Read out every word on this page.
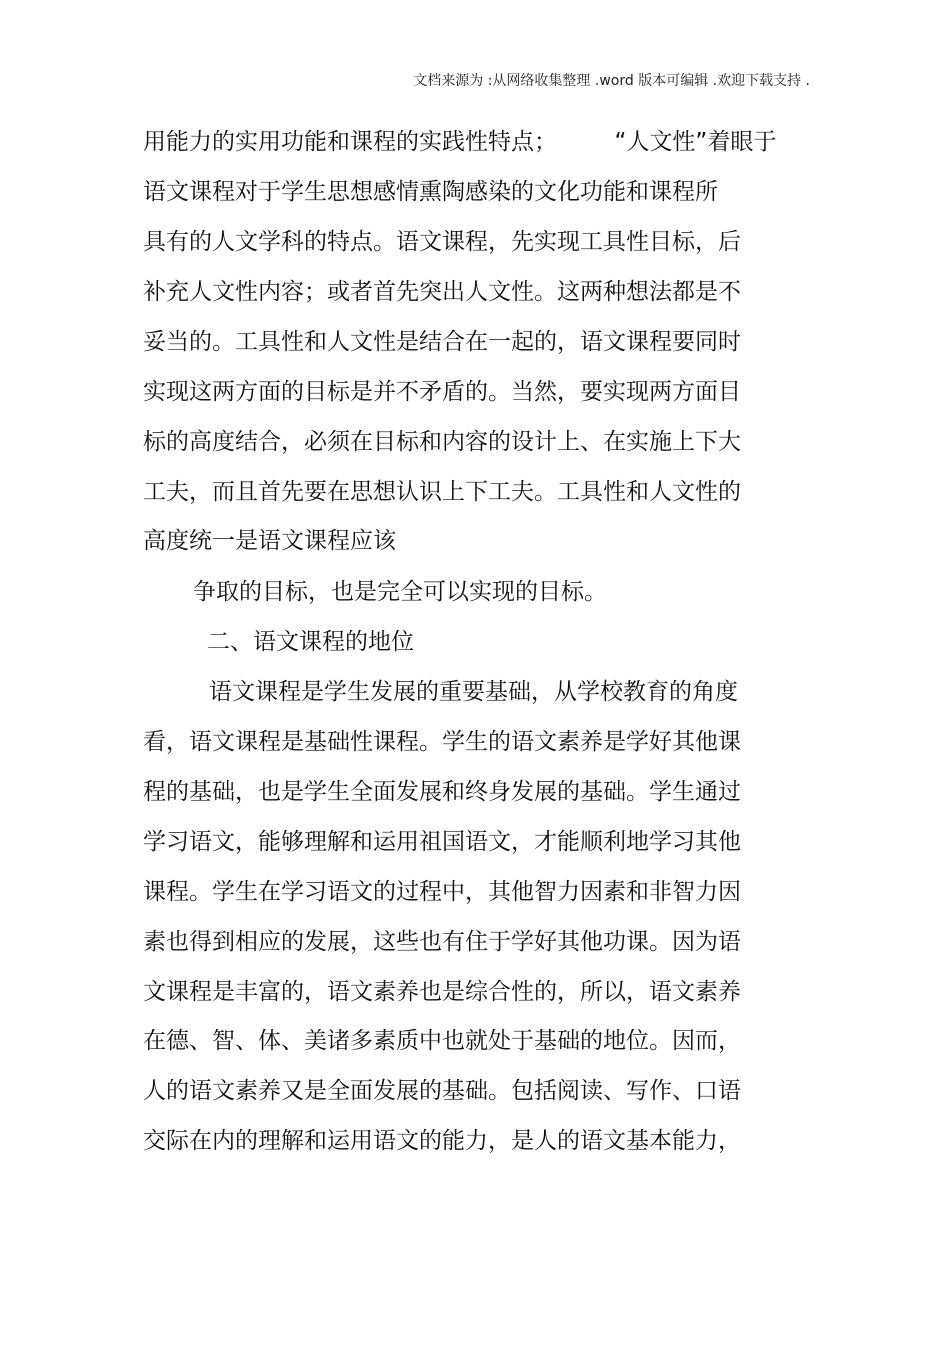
文档来源为 :从网络收集整理 .word 版本可编辑 .欢迎下载支持 .
用能力的实用功能和课程的实践性特点；　　　“人文性”着眼于
语文课程对于学生思想感情熏陶感染的文化功能和课程所
具有的人文学科的特点。语文课程，先实现工具性目标，后
补充人文性内容；或者首先突出人文性。这两种想法都是不
妥当的。工具性和人文性是结合在一起的，语文课程要同时
实现这两方面的目标是并不矛盾的。当然，要实现两方面目
标的高度结合，必须在目标和内容的设计上、在实施上下大
工夫，而且首先要在思想认识上下工夫。工具性和人文性的
高度统一是语文课程应该
争取的目标，也是完全可以实现的目标。
二、语文课程的地位
语文课程是学生发展的重要基础，从学校教育的角度
看，语文课程是基础性课程。学生的语文素养是学好其他课
程的基础，也是学生全面发展和终身发展的基础。学生通过
学习语文，能够理解和运用祖国语文，才能顺利地学习其他
课程。学生在学习语文的过程中，其他智力因素和非智力因
素也得到相应的发展，这些也有住于学好其他功课。因为语
文课程是丰富的，语文素养也是综合性的，所以，语文素养
在德、智、体、美诸多素质中也就处于基础的地位。因而，
人的语文素养又是全面发展的基础。包括阅读、写作、口语
交际在内的理解和运用语文的能力，是人的语文基本能力，
